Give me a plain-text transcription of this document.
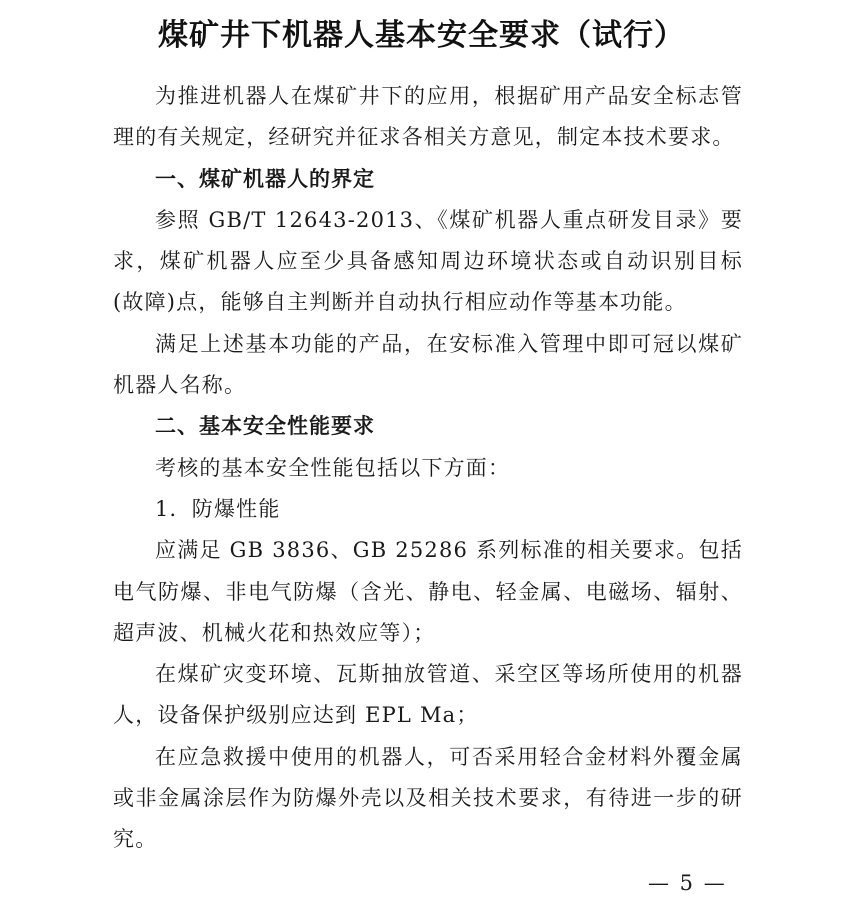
煤矿井下机器人基本安全要求（试行）

为推进机器人在煤矿井下的应用，根据矿用产品安全标志管理的有关规定，经研究并征求各相关方意见，制定本技术要求。

一、煤矿机器人的界定

参照 GB/T 12643-2013、《煤矿机器人重点研发目录》要求，煤矿机器人应至少具备感知周边环境状态或自动识别目标(故障)点，能够自主判断并自动执行相应动作等基本功能。

满足上述基本功能的产品，在安标准入管理中即可冠以煤矿机器人名称。

二、基本安全性能要求

考核的基本安全性能包括以下方面：

1．防爆性能

应满足 GB 3836、GB 25286 系列标准的相关要求。包括电气防爆、非电气防爆（含光、静电、轻金属、电磁场、辐射、超声波、机械火花和热效应等）；

在煤矿灾变环境、瓦斯抽放管道、采空区等场所使用的机器人，设备保护级别应达到 EPL Ma；

在应急救援中使用的机器人，可否采用轻合金材料外覆金属或非金属涂层作为防爆外壳以及相关技术要求，有待进一步的研究。

— 5 —
